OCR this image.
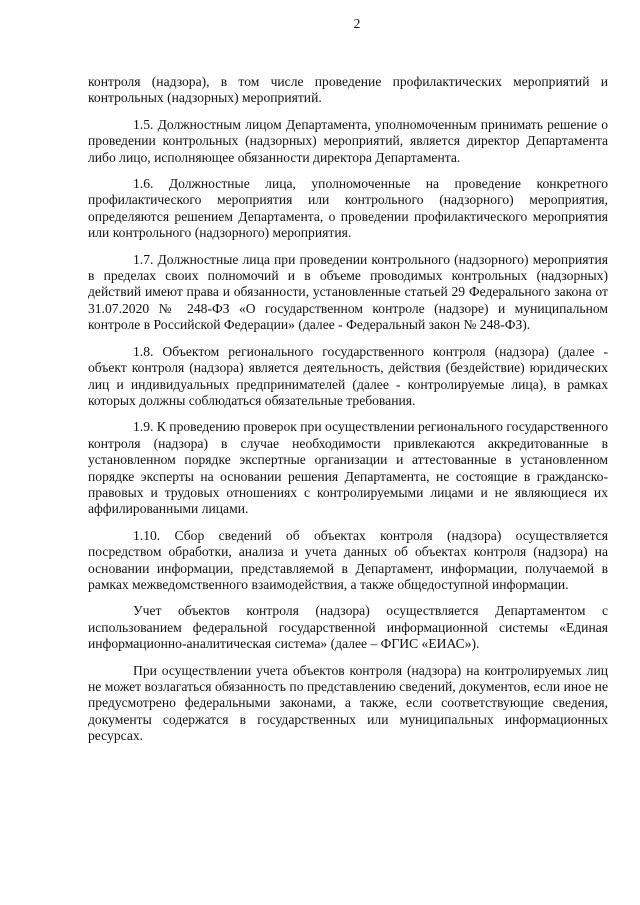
2

контроля (надзора), в том числе проведение профилактических мероприятий и контрольных (надзорных) мероприятий.

1.5. Должностным лицом Департамента, уполномоченным принимать решение о проведении контрольных (надзорных) мероприятий, является директор Департамента либо лицо, исполняющее обязанности директора Департамента.

1.6. Должностные лица, уполномоченные на проведение конкретного профилактического мероприятия или контрольного (надзорного) мероприятия, определяются решением Департамента, о проведении профилактического мероприятия или контрольного (надзорного) мероприятия.

1.7. Должностные лица при проведении контрольного (надзорного) мероприятия в пределах своих полномочий и в объеме проводимых контрольных (надзорных) действий имеют права и обязанности, установленные статьей 29 Федерального закона от 31.07.2020 № 248-ФЗ «О государственном контроле (надзоре) и муниципальном контроле в Российской Федерации» (далее - Федеральный закон № 248-ФЗ).

1.8. Объектом регионального государственного контроля (надзора) (далее - объект контроля (надзора) является деятельность, действия (бездействие) юридических лиц и индивидуальных предпринимателей (далее - контролируемые лица), в рамках которых должны соблюдаться обязательные требования.

1.9. К проведению проверок при осуществлении регионального государственного контроля (надзора) в случае необходимости привлекаются аккредитованные в установленном порядке экспертные организации и аттестованные в установленном порядке эксперты на основании решения Департамента, не состоящие в гражданско-правовых и трудовых отношениях с контролируемыми лицами и не являющиеся их аффилированными лицами.

1.10. Сбор сведений об объектах контроля (надзора) осуществляется посредством обработки, анализа и учета данных об объектах контроля (надзора) на основании информации, представляемой в Департамент, информации, получаемой в рамках межведомственного взаимодействия, а также общедоступной информации.

Учет объектов контроля (надзора) осуществляется Департаментом с использованием федеральной государственной информационной системы «Единая информационно-аналитическая система» (далее – ФГИС «ЕИАС»).

При осуществлении учета объектов контроля (надзора) на контролируемых лиц не может возлагаться обязанность по представлению сведений, документов, если иное не предусмотрено федеральными законами, а также, если соответствующие сведения, документы содержатся в государственных или муниципальных информационных ресурсах.
